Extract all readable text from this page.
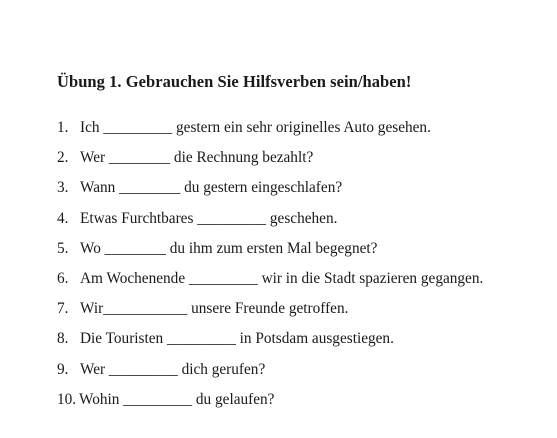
Übung 1. Gebrauchen Sie Hilfsverben sein/haben!
1. Ich _________ gestern ein sehr originelles Auto gesehen.
2. Wer ________ die Rechnung bezahlt?
3. Wann ________ du gestern eingeschlafen?
4. Etwas Furchtbares _________ geschehen.
5. Wo ________ du ihm zum ersten Mal begegnet?
6. Am Wochenende _________ wir in die Stadt spazieren gegangen.
7. Wir___________ unsere Freunde getroffen.
8. Die Touristen _________ in Potsdam ausgestiegen.
9. Wer _________ dich gerufen?
10. Wohin _________ du gelaufen?
